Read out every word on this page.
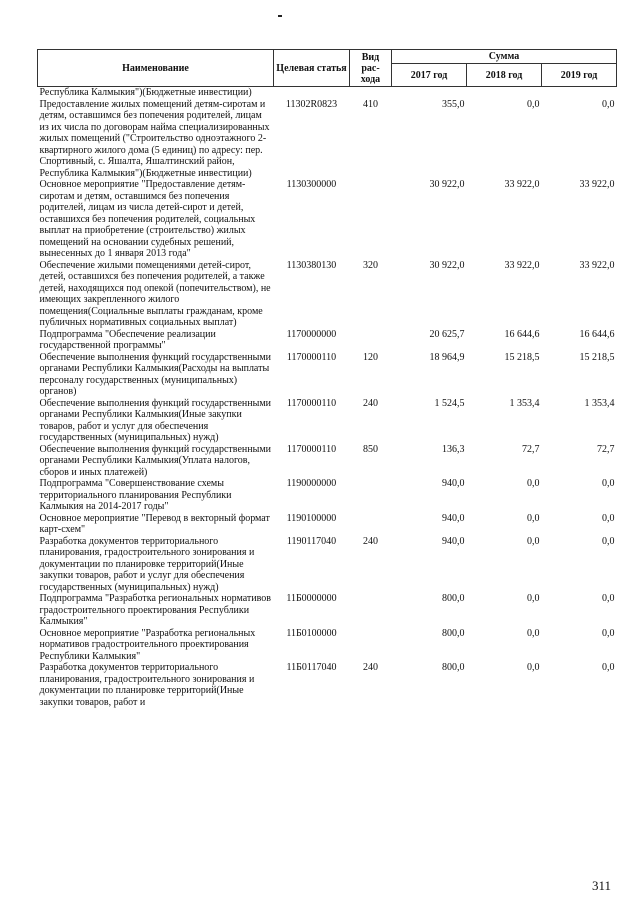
Наименование	Целевая статья	Вид рас-хода	Сумма		
			2017 год	2018 год	2019 год
Республика Калмыкия")(Бюджетные инвестиции)					
Предоставление жилых помещений детям-сиротам и детям, оставшимся без попечения родителей, лицам из их числа по договорам найма специализированных жилых помещений ("Строительство одноэтажного 2-квартирного жилого дома (5 единиц) по адресу: пер. Спортивный, с. Яшалта, Яшалтинский район, Республика Калмыкия")(Бюджетные инвестиции)	11302R0823	410	355,0	0,0	0,0
Основное мероприятие "Предоставление детям-сиротам и детям, оставшимся без попечения родителей, лицам из числа детей-сирот и детей, оставшихся без попечения родителей, социальных выплат на приобретение (строительство) жилых помещений на основании судебных решений, вынесенных до 1 января 2013 года"	1130300000		30 922,0	33 922,0	33 922,0
Обеспечение жилыми помещениями детей-сирот, детей, оставшихся без попечения родителей, а также детей, находящихся под опекой (попечительством), не имеющих закрепленного жилого помещения(Социальные выплаты гражданам, кроме публичных нормативных социальных выплат)	1130380130	320	30 922,0	33 922,0	33 922,0
Подпрограмма "Обеспечение реализации государственной программы"	1170000000		20 625,7	16 644,6	16 644,6
Обеспечение выполнения функций государственными органами Республики Калмыкия(Расходы на выплаты персоналу государственных (муниципальных) органов)	1170000110	120	18 964,9	15 218,5	15 218,5
Обеспечение выполнения функций государственными органами Республики Калмыкия(Иные закупки товаров, работ и услуг для обеспечения государственных (муниципальных) нужд)	1170000110	240	1 524,5	1 353,4	1 353,4
Обеспечение выполнения функций государственными органами Республики Калмыкия(Уплата налогов, сборов и иных платежей)	1170000110	850	136,3	72,7	72,7
Подпрограмма "Совершенствование схемы территориального планирования Республики Калмыкия на 2014-2017 годы"	1190000000		940,0	0,0	0,0
Основное мероприятие "Перевод в векторный формат карт-схем"	1190100000		940,0	0,0	0,0
Разработка документов территориального планирования, градостроительного зонирования и документации по планировке территорий(Иные закупки товаров, работ и услуг для обеспечения государственных (муниципальных) нужд)	1190117040	240	940,0	0,0	0,0
Подпрограмма "Разработка региональных нормативов градостроительного проектирования Республики Калмыкия"	11Б0000000		800,0	0,0	0,0
Основное мероприятие "Разработка региональных нормативов градостроительного проектирования Республики Калмыкия"	11Б0100000		800,0	0,0	0,0
Разработка документов территориального планирования, градостроительного зонирования и документации по планировке территорий(Иные закупки товаров, работ и	11Б0117040	240	800,0	0,0	0,0
311
